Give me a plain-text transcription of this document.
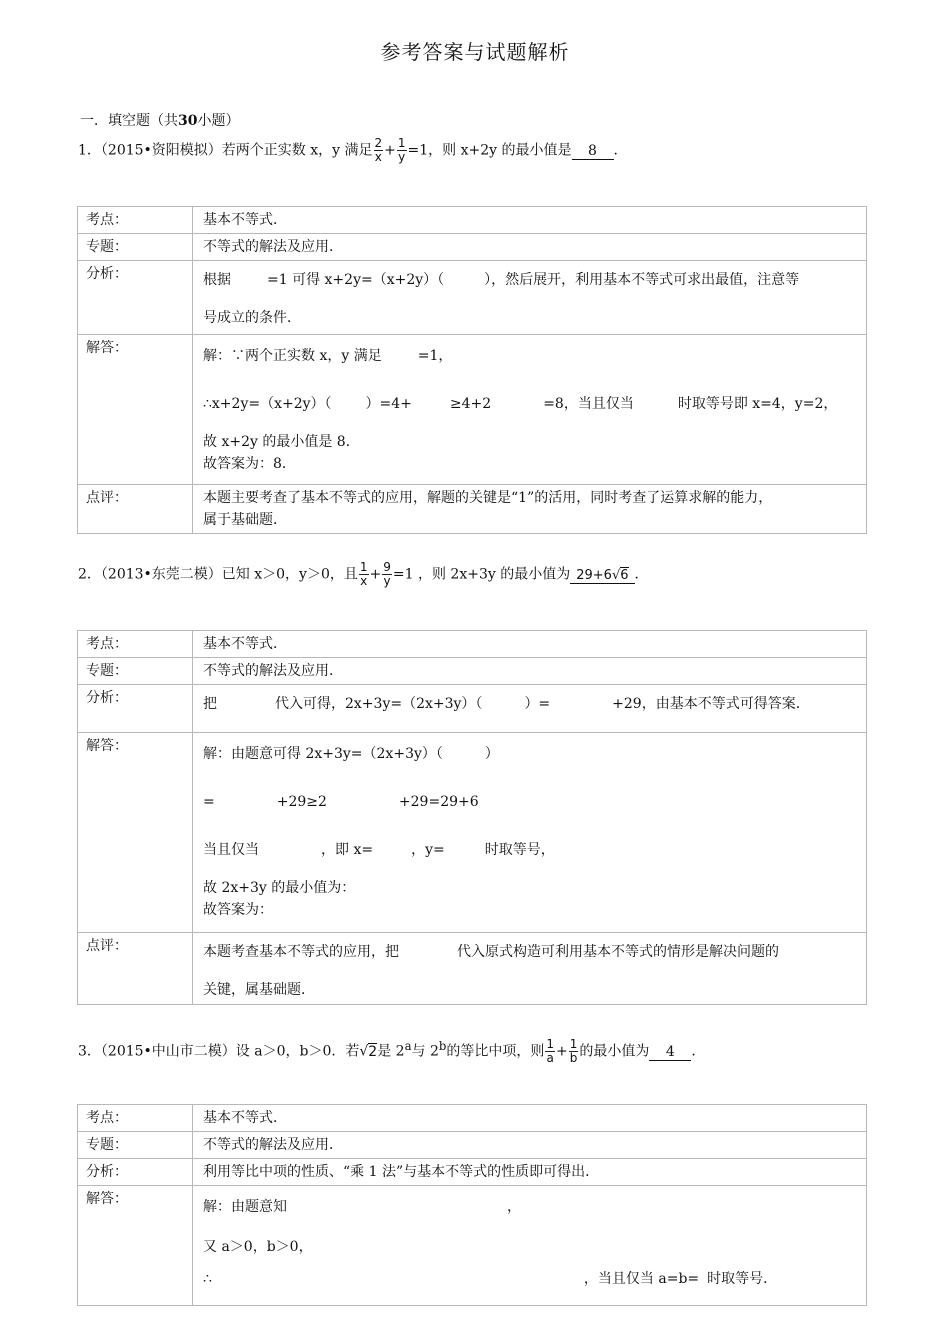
参考答案与试题解析
一．填空题（共30小题）
1．（2015•资阳模拟）若两个正实数 x，y 满足 $\frac{2}{x} + \frac{1}{y} =1$，则 x+2y 的最小值是 8 ．
考点：	基本不等式．
专题：	不等式的解法及应用．
分析：	根据 =1 可得 x+2y=（x+2y）（ ），然后展开，利用基本不等式可求出最值，注意等
号成立的条件．

解答：	解：∵两个正实数 x，y 满足 =1，
∴x+2y=（x+2y）（ ）=4+ ≥4+2 =8，当且仅当 时取等号即 x=4，y=2，
故 x+2y 的最小值是 8．
故答案为：8．

点评：	本题主要考查了基本不等式的应用，解题的关键是“1”的活用，同时考查了运算求解的能力，
属于基础题．
2．（2013•东莞二模）已知 x＞0，y＞0，且 $\frac{1}{x} + \frac{9}{y} =1$ ，则 2x+3y 的最小值为 29+6√6 ．
考点：	基本不等式．
专题：	不等式的解法及应用．
分析：	把 代入可得，2x+3y=（2x+3y）（ ）= +29，由基本不等式可得答案．

解答：	解：由题意可得 2x+3y=（2x+3y）（ ）
= +29≥2 +29=29+6
当且仅当 ，即 x= ，y= 时取等号，
故 2x+3y 的最小值为：
故答案为：

点评：	本题考查基本不等式的应用，把 代入原式构造可利用基本不等式的情形是解决问题的
关键，属基础题．
3．（2015•中山市二模）设 a＞0，b＞0．若√2是 2$^a$与 2$^b$的等比中项，则 $\frac{1}{a} + \frac{1}{b}$ 的最小值为 4 ．
考点：	基本不等式．
专题：	不等式的解法及应用．
分析：	利用等比中项的性质、“乘 1 法”与基本不等式的性质即可得出．
解答：	解：由题意知 ，
又 a＞0，b＞0，
∴ ，当且仅当 a=b= 时取等号．
